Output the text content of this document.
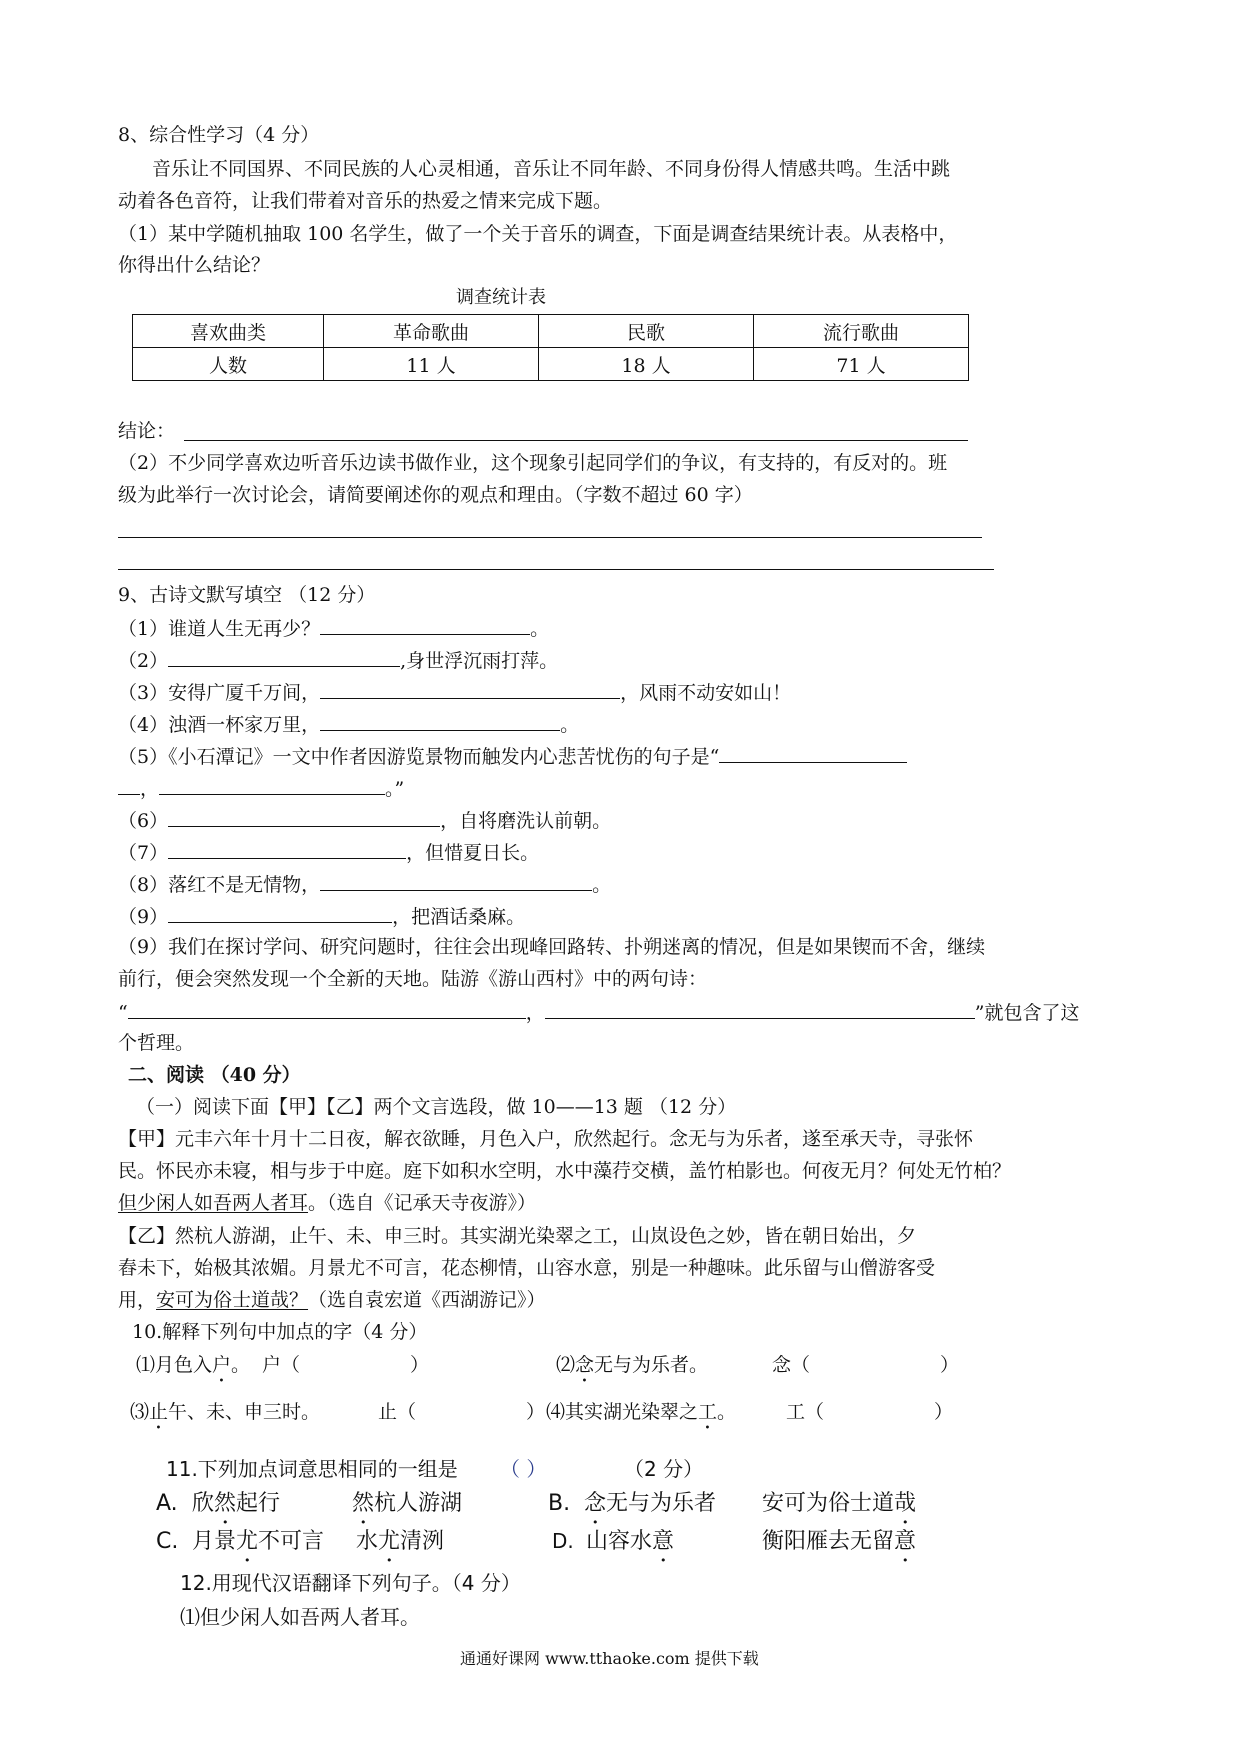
8、综合性学习（4 分）
音乐让不同国界、不同民族的人心灵相通，音乐让不同年龄、不同身份得人情感共鸣。生活中跳
动着各色音符，让我们带着对音乐的热爱之情来完成下题。
（1）某中学随机抽取 100 名学生，做了一个关于音乐的调查，下面是调查结果统计表。从表格中，
你得出什么结论？
调查统计表
喜欢曲类	革命歌曲	民歌	流行歌曲
人数	11 人	18 人	71 人
结论：
（2）不少同学喜欢边听音乐边读书做作业，这个现象引起同学们的争议，有支持的，有反对的。班
级为此举行一次讨论会，请简要阐述你的观点和理由。（字数不超过 60 字）
9、古诗文默写填空 （12 分）
（1）谁道人生无再少？	。
（2）	,身世浮沉雨打萍。
（3）安得广厦千万间，	，风雨不动安如山！
（4）浊酒一杯家万里，	。
（5）《小石潭记》一文中作者因游览景物而触发内心悲苦忧伤的句子是“
，	。”
（6）	，自将磨洗认前朝。
（7）	，但惜夏日长。
（8）落红不是无情物，	。
（9）	，把酒话桑麻。
（9）我们在探讨学问、研究问题时，往往会出现峰回路转、扑朔迷离的情况，但是如果锲而不舍，继续
前行，便会突然发现一个全新的天地。陆游《游山西村》中的两句诗：
“	，	”就包含了这
个哲理。
二、阅读 （40 分）
（一）阅读下面【甲】【乙】两个文言选段，做 10——13 题 （12 分）
【甲】元丰六年十月十二日夜，解衣欲睡，月色入户，欣然起行。念无与为乐者，遂至承天寺，寻张怀
民。怀民亦未寝，相与步于中庭。庭下如积水空明，水中藻荇交横，盖竹柏影也。何夜无月？何处无竹柏？
但少闲人如吾两人者耳。（选自《记承天寺夜游》）
【乙】然杭人游湖，止午、未、申三时。其实湖光染翠之工，山岚设色之妙，皆在朝日始出，夕
舂未下，始极其浓媚。月景尤不可言，花态柳情，山容水意，别是一种趣味。此乐留与山僧游客受
用，安可为俗士道哉？（选自袁宏道《西湖游记》）
10.解释下列句中加点的字（4 分）
⑴月色入户。 户（	）	⑵念无与为乐者。	念（	）
⑶止午、未、申三时。	止（	） ⑷其实湖光染翠之工。	工（	）
11.下列加点词意思相同的一组是 （ ）	（2 分）
A. 欣然起行	然杭人游湖	B. 念无与为乐者 安可为俗士道哉
C. 月景尤不可言 水尤清洌	D. 山容水意	衡阳雁去无留意
12.用现代汉语翻译下列句子。（4 分）
⑴但少闲人如吾两人者耳。
通通好课网 www.tthaoke.com 提供下载
